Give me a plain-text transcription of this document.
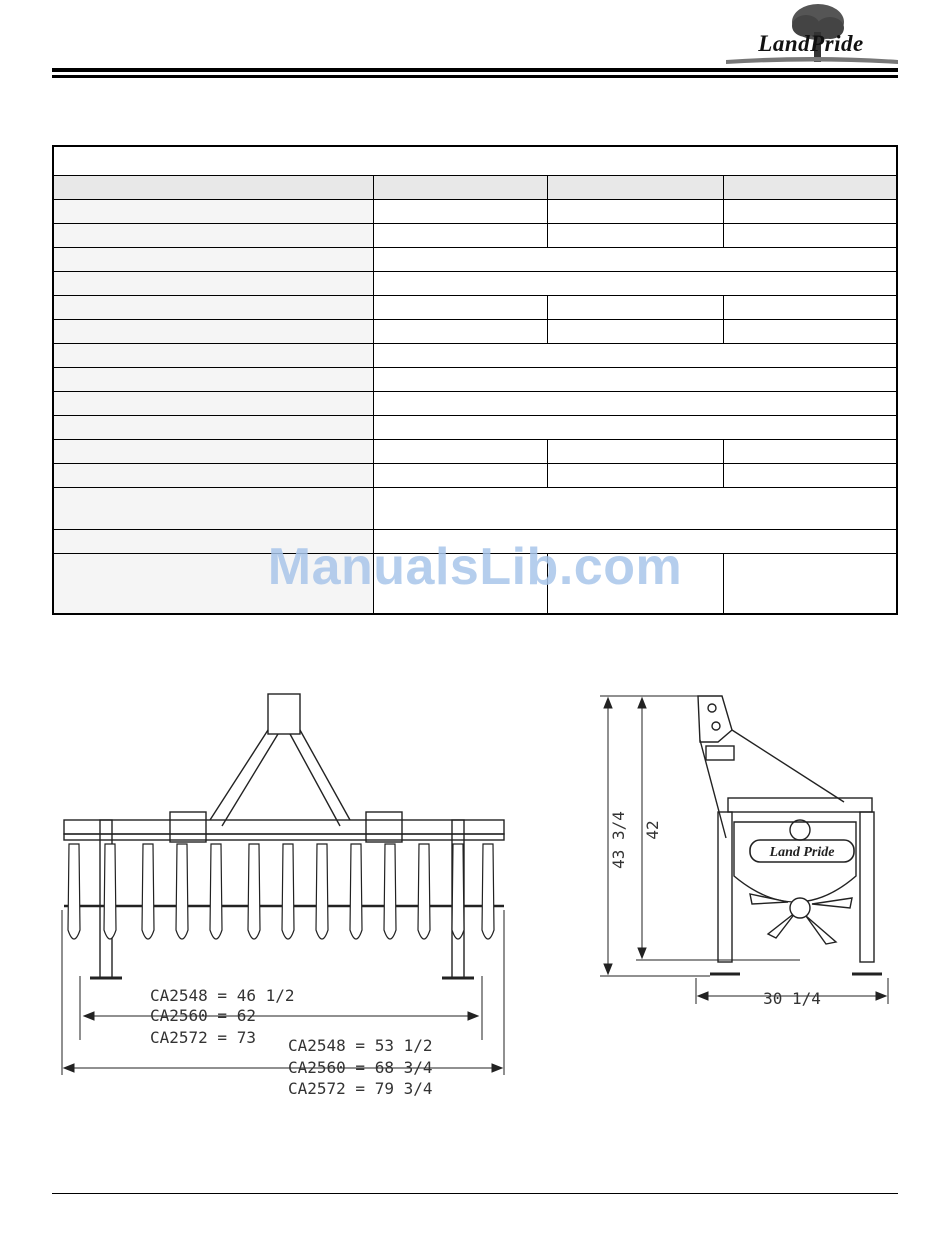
LandPride
ManualsLib.com
CA2548 = 46 1/2
CA2560 = 62
CA2572 = 73 CA2548 = 53 1/2
CA2560 = 68 3/4
CA2572 = 79 3/4
Land Pride
43 3/4 42
30 1/4
